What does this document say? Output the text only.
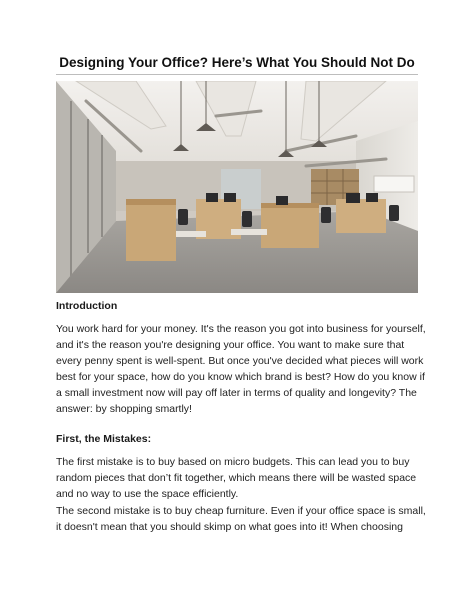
Designing Your Office? Here’s What You Should Not Do
Introduction

You work hard for your money. It's the reason you got into business for yourself, and it's the reason you're designing your office. You want to make sure that every penny spent is well-spent. But once you've decided what pieces will work best for your space, how do you know which brand is best? How do you know if a small investment now will pay off later in terms of quality and longevity? The answer: by shopping smartly!

First, the Mistakes:

The first mistake is to buy based on micro budgets. This can lead you to buy random pieces that don’t fit together, which means there will be wasted space and no way to use the space efficiently.

The second mistake is to buy cheap furniture. Even if your office space is small, it doesn't mean that you should skimp on what goes into it! When choosing
